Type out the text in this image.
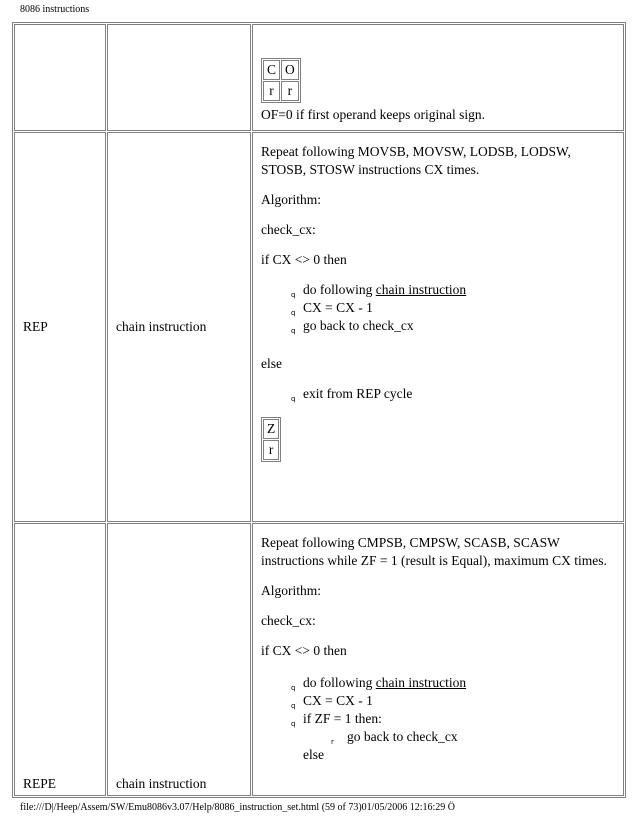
8086 instructions

C	O
r	r

OF=0 if first operand keeps original sign.

REP	chain instruction	

Repeat following MOVSB, MOVSW, LODSB, LODSW, STOSB, STOSW instructions CX times.

Algorithm:

check_cx:

if CX <> 0 then

q do following chain instruction
q CX = CX - 1
q go back to check_cx

else

q exit from REP cycle
Z
r

REPE	chain instruction	

Repeat following CMPSB, CMPSW, SCASB, SCASW instructions while ZF = 1 (result is Equal), maximum CX times.

Algorithm:

check_cx:

if CX <> 0 then

q do following chain instruction
q CX = CX - 1
q if ZF = 1 then:
r go back to check_cx

else

file:///D|/Heep/Assem/SW/Emu8086v3.07/Help/8086_instruction_set.html (59 of 73)01/05/2006 12:16:29 Ö
